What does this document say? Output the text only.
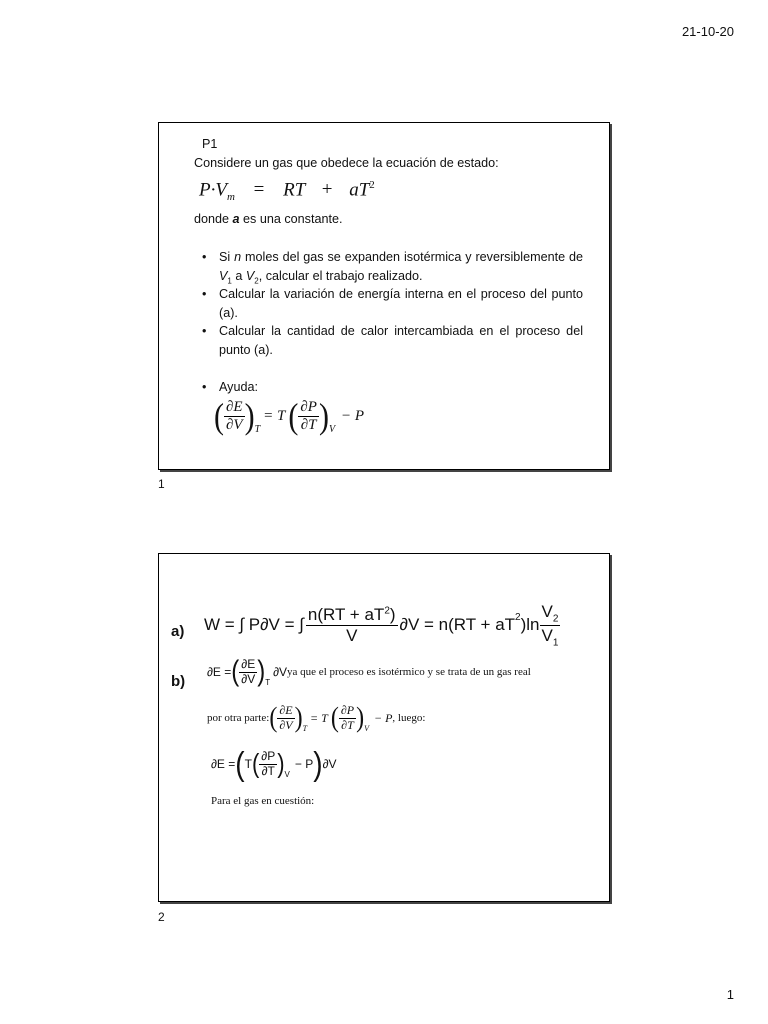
21-10-20
P1
Considere un gas que obedece la ecuación de estado:
$P\cdot V_m$ = RT + $aT^2$
donde a es una constante.
• Si n moles del gas se expanden isotérmica y reversiblemente de $V_1$ a $V_2$, calcular el trabajo realizado.
• Calcular la variación de energía interna en el proceso del punto (a).
• Calcular la cantidad de calor intercambiada en el proceso del punto (a).
• Ayuda:
( $\frac{\partial E}{\partial V}$ ) T
= T ( $\frac{\partial P}{\partial T}$ ) V
− P
1
a) W = ∫ P∂V = ∫ $\frac{n(RT + aT^2)}{V} \partial V = n(RT + aT^2$ )$\ln \frac{V_2}{V_1}$
b)
∂E = ( $\frac{\partial E}{\partial V}$ ) T
∂V ya que el proceso es isotérmico y se trata de un gas real
por otra parte: ( $\frac{\partial E}{\partial V}$ ) T
= T ( $\frac{\partial P}{\partial T}$ ) V
− P , luego:
∂E = ( T ( $\frac{\partial P}{\partial T}$ ) V
− P ) ∂V
Para el gas en cuestión:
2
1
